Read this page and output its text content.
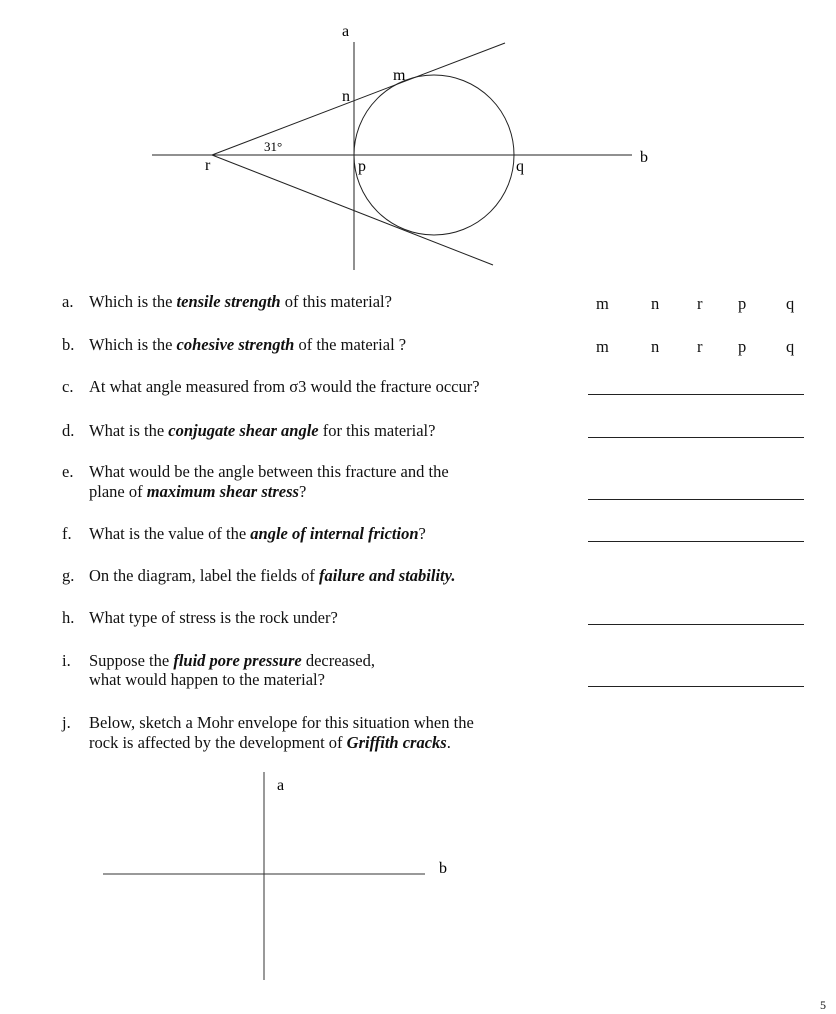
a
b
m
n
r	p	q
31°
a. Which is the tensile strength of this material?	m	n r p q
b. Which is the cohesive strength of the material ?	m	n r p q
c. At what angle measured from σ3 would the fracture occur?
d. What is the conjugate shear angle for this material?
e. What would be the angle between this fracture and the
plane of maximum shear stress?
f. What is the value of the angle of internal friction?
g. On the diagram, label the fields of failure and stability.
h. What type of stress is the rock under?
i. Suppose the fluid pore pressure decreased,
what would happen to the material?
j. Below, sketch a Mohr envelope for this situation when the
rock is affected by the development of Griffith cracks.
a
b
5
